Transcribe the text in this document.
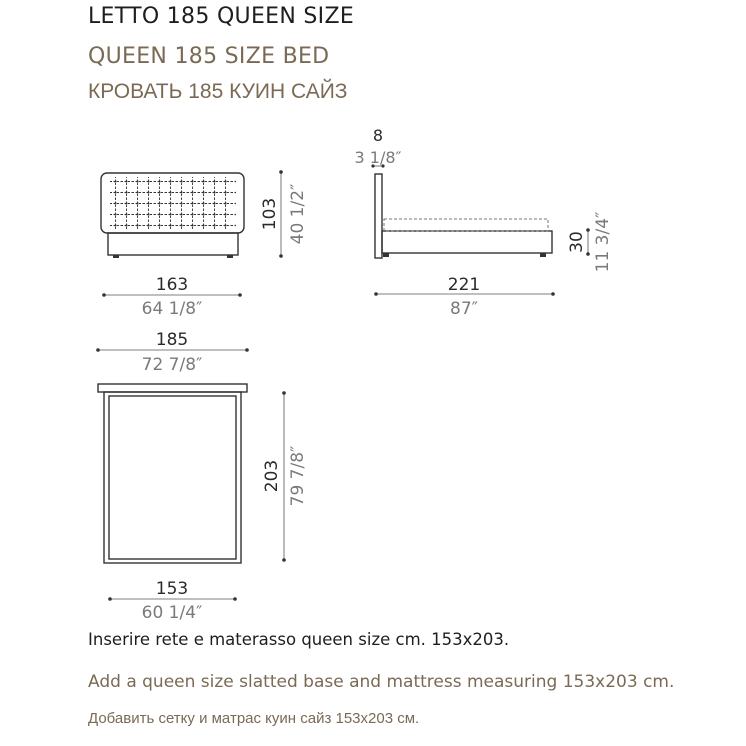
LETTO 185 QUEEN SIZE
QUEEN 185 SIZE BED
КРОВАТЬ 185 КУИН САЙЗ
103 40 1/2″	30 11 3/4″
203 79 7/8″
163
64 1/8″
8
3 1/8″
221
87″
185
72 7/8″
153
60 1/4″
Inserire rete e materasso queen size cm. 153x203.
Add a queen size slatted base and mattress measuring 153x203 cm.
Добавить сетку и матрас куин сайз 153x203 см.
